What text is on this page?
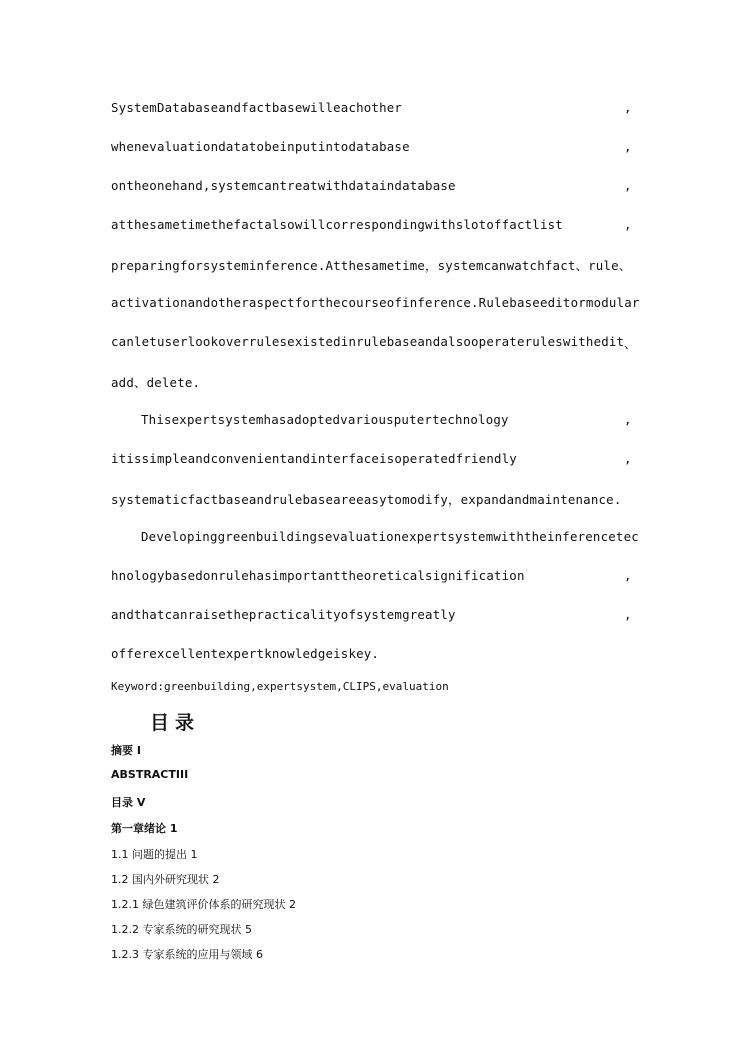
SystemDatabaseandfactbasewilleachother	,
whenevaluationdatatobeinputintodatabase	,
ontheonehand,systemcantreatwithdataindatabase	,
atthesametimethefactalsowillcorrespondingwithslotoffactlist	,
preparingforsysteminference.Atthesametime，systemcanwatchfact、rule、
activationandotheraspectforthecourseofinference.Rulebaseeditormodular
canletuserlookoverrulesexistedinrulebaseandalsooperateruleswithedit 、
add、delete.
Thisexpertsystemhasadoptedvariousputertechnology	,
itissimpleandconvenientandinterfaceisoperatedfriendly	,
systematicfactbaseandrulebaseareeasytomodify，expandandmaintenance.
Developinggreenbuildingsevaluationexpertsystemwiththeinferencetec
hnologybasedonrulehasimportanttheoreticalsignification	,
andthatcanraisethepracticalityofsystemgreatly	,
offerexcellentexpertknowledgeiskey.
Keyword:greenbuilding,expertsystem,CLIPS,evaluation
目录
摘要 I
ABSTRACTIII
目录 V
第一章绪论 1
1.1 问题的提出 1
1.2 国内外研究现状 2
1.2.1 绿色建筑评价体系的研究现状 2
1.2.2 专家系统的研究现状 5
1.2.3 专家系统的应用与领域 6
